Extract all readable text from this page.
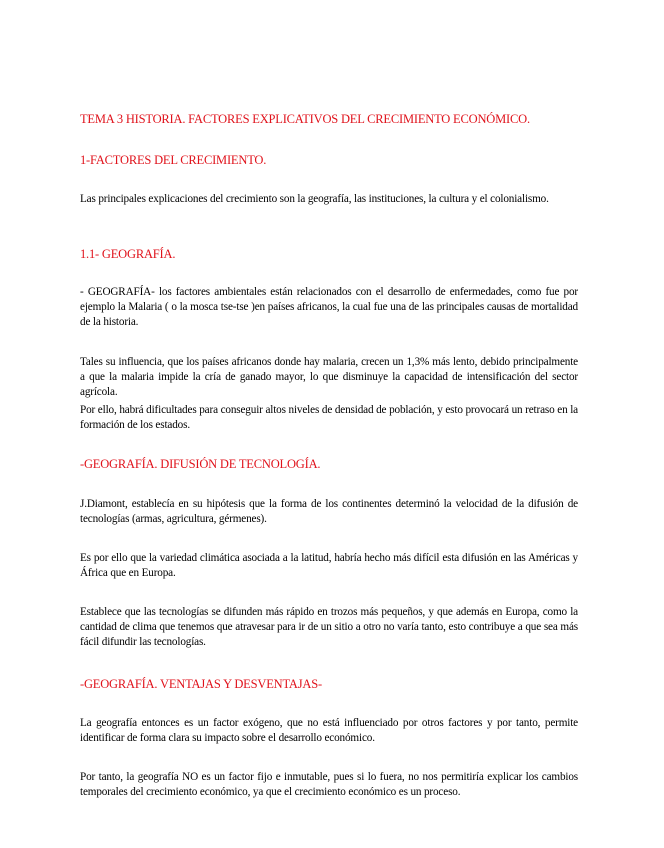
TEMA 3 HISTORIA. FACTORES EXPLICATIVOS DEL CRECIMIENTO ECONÓMICO.
1-FACTORES DEL CRECIMIENTO.
Las principales explicaciones del crecimiento son la geografía, las instituciones, la cultura y el colonialismo.
1.1- GEOGRAFÍA.
- GEOGRAFÍA- los factores ambientales están relacionados con el desarrollo de enfermedades, como fue por ejemplo la Malaria ( o la mosca tse-tse )en países africanos, la cual fue una de las principales causas de mortalidad de la historia.
Tales su influencia, que los países africanos donde hay malaria, crecen un 1,3% más lento, debido principalmente a que la malaria impide la cría de ganado mayor, lo que disminuye la capacidad de intensificación del sector agrícola.
Por ello, habrá dificultades para conseguir altos niveles de densidad de población, y esto provocará un retraso en la formación de los estados.
-GEOGRAFÍA. DIFUSIÓN DE TECNOLOGÍA.
J.Diamont, establecía en su hipótesis que la forma de los continentes determinó la velocidad de la difusión de tecnologías (armas, agricultura, gérmenes).
Es por ello que la variedad climática asociada a la latitud, habría hecho más difícil esta difusión en las Américas y África que en Europa.
Establece que las tecnologías se difunden más rápido en trozos más pequeños, y que además en Europa, como la cantidad de clima que tenemos que atravesar para ir de un sitio a otro no varía tanto, esto contribuye a que sea más fácil difundir las tecnologías.
-GEOGRAFÍA. VENTAJAS Y DESVENTAJAS-
La geografía entonces es un factor exógeno, que no está influenciado por otros factores y por tanto, permite identificar de forma clara su impacto sobre el desarrollo económico.
Por tanto, la geografía NO es un factor fijo e inmutable, pues si lo fuera, no nos permitiría explicar los cambios temporales del crecimiento económico, ya que el crecimiento económico es un proceso.
